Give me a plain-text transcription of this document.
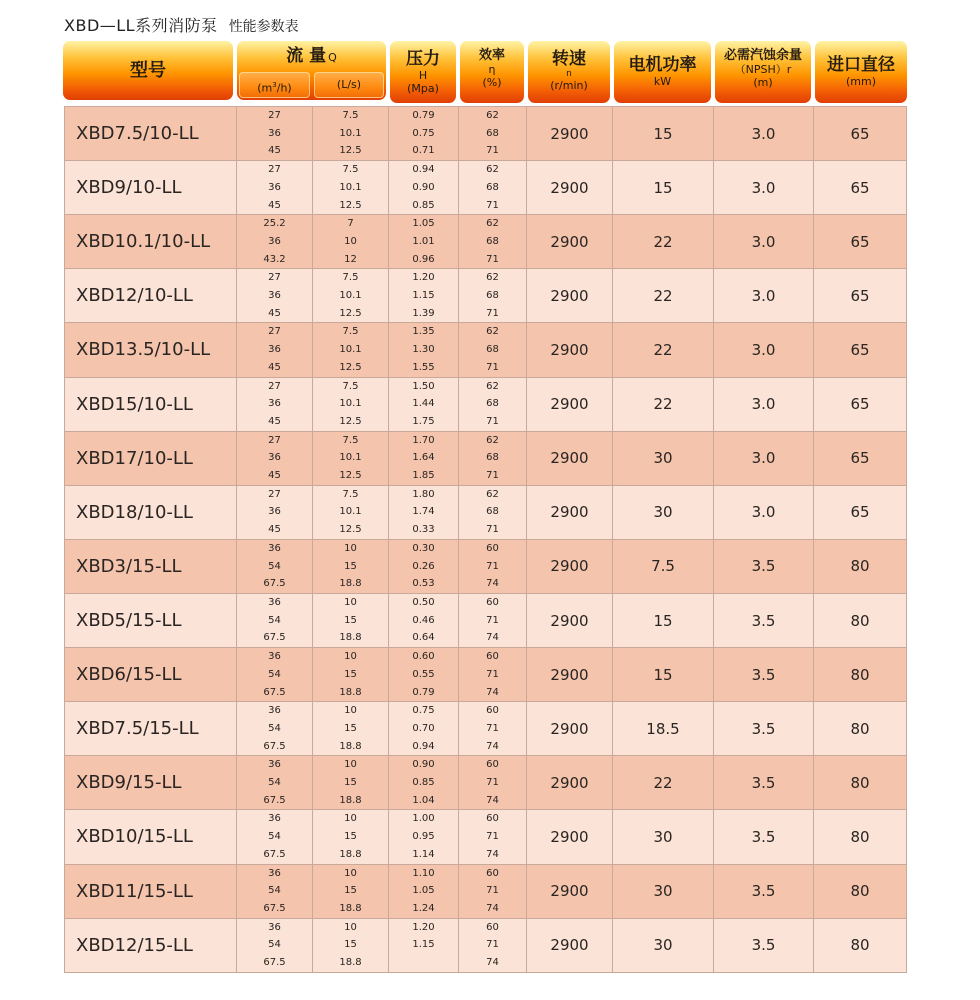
XBD—LL系列消防泵 性能参数表
型号
流 量 Q
$(m^3/h)$	(L/s)
压力
H
(Mpa)
效率
η
(%)
转速
n
(r/min)
电机功率
kW
必需汽蚀余量
（NPSH）r
(m)
进口直径
(mm)
XBD7.5/10-LL	27
36
45	7.5
10.1
12.5	0.79
0.75
0.71	62
68
71	2900	15	3.0	65
XBD9/10-LL	27
36
45	7.5
10.1
12.5	0.94
0.90
0.85	62
68
71	2900	15	3.0	65
XBD10.1/10-LL	25.2
36
43.2	7
10
12	1.05
1.01
0.96	62
68
71	2900	22	3.0	65
XBD12/10-LL	27
36
45	7.5
10.1
12.5	1.20
1.15
1.39	62
68
71	2900	22	3.0	65
XBD13.5/10-LL	27
36
45	7.5
10.1
12.5	1.35
1.30
1.55	62
68
71	2900	22	3.0	65
XBD15/10-LL	27
36
45	7.5
10.1
12.5	1.50
1.44
1.75	62
68
71	2900	22	3.0	65
XBD17/10-LL	27
36
45	7.5
10.1
12.5	1.70
1.64
1.85	62
68
71	2900	30	3.0	65
XBD18/10-LL	27
36
45	7.5
10.1
12.5	1.80
1.74
0.33	62
68
71	2900	30	3.0	65
XBD3/15-LL	36
54
67.5	10
15
18.8	0.30
0.26
0.53	60
71
74	2900	7.5	3.5	80
XBD5/15-LL	36
54
67.5	10
15
18.8	0.50
0.46
0.64	60
71
74	2900	15	3.5	80
XBD6/15-LL	36
54
67.5	10
15
18.8	0.60
0.55
0.79	60
71
74	2900	15	3.5	80
XBD7.5/15-LL	36
54
67.5	10
15
18.8	0.75
0.70
0.94	60
71
74	2900	18.5	3.5	80
XBD9/15-LL	36
54
67.5	10
15
18.8	0.90
0.85
1.04	60
71
74	2900	22	3.5	80
XBD10/15-LL	36
54
67.5	10
15
18.8	1.00
0.95
1.14	60
71
74	2900	30	3.5	80
XBD11/15-LL	36
54
67.5	10
15
18.8	1.10
1.05
1.24	60
71
74	2900	30	3.5	80
XBD12/15-LL	36
54
67.5	10
15
18.8	1.20
1.15	60
71
74	2900	30	3.5	80
